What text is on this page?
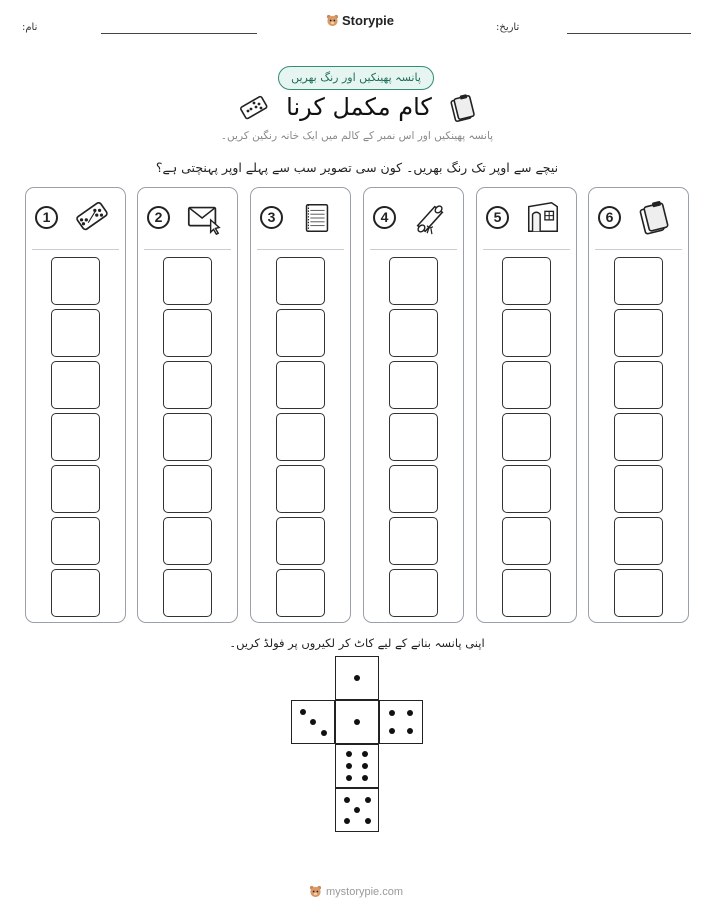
نام:	Storypie	تاریخ:
پانسہ پھینکیں اور رنگ بھریں
کام مکمل کرنا
پانسہ پھینکیں اور اس نمبر کے کالم میں ایک خانہ رنگین کریں۔
نیچے سے اوپر تک رنگ بھریں۔ کون سی تصویر سب سے پہلے اوپر پہنچتی ہے؟
1	2	3	4	5	6
اپنی پانسہ بنانے کے لیے کاٹ کر لکیروں پر فولڈ کریں۔
mystorypie.com
